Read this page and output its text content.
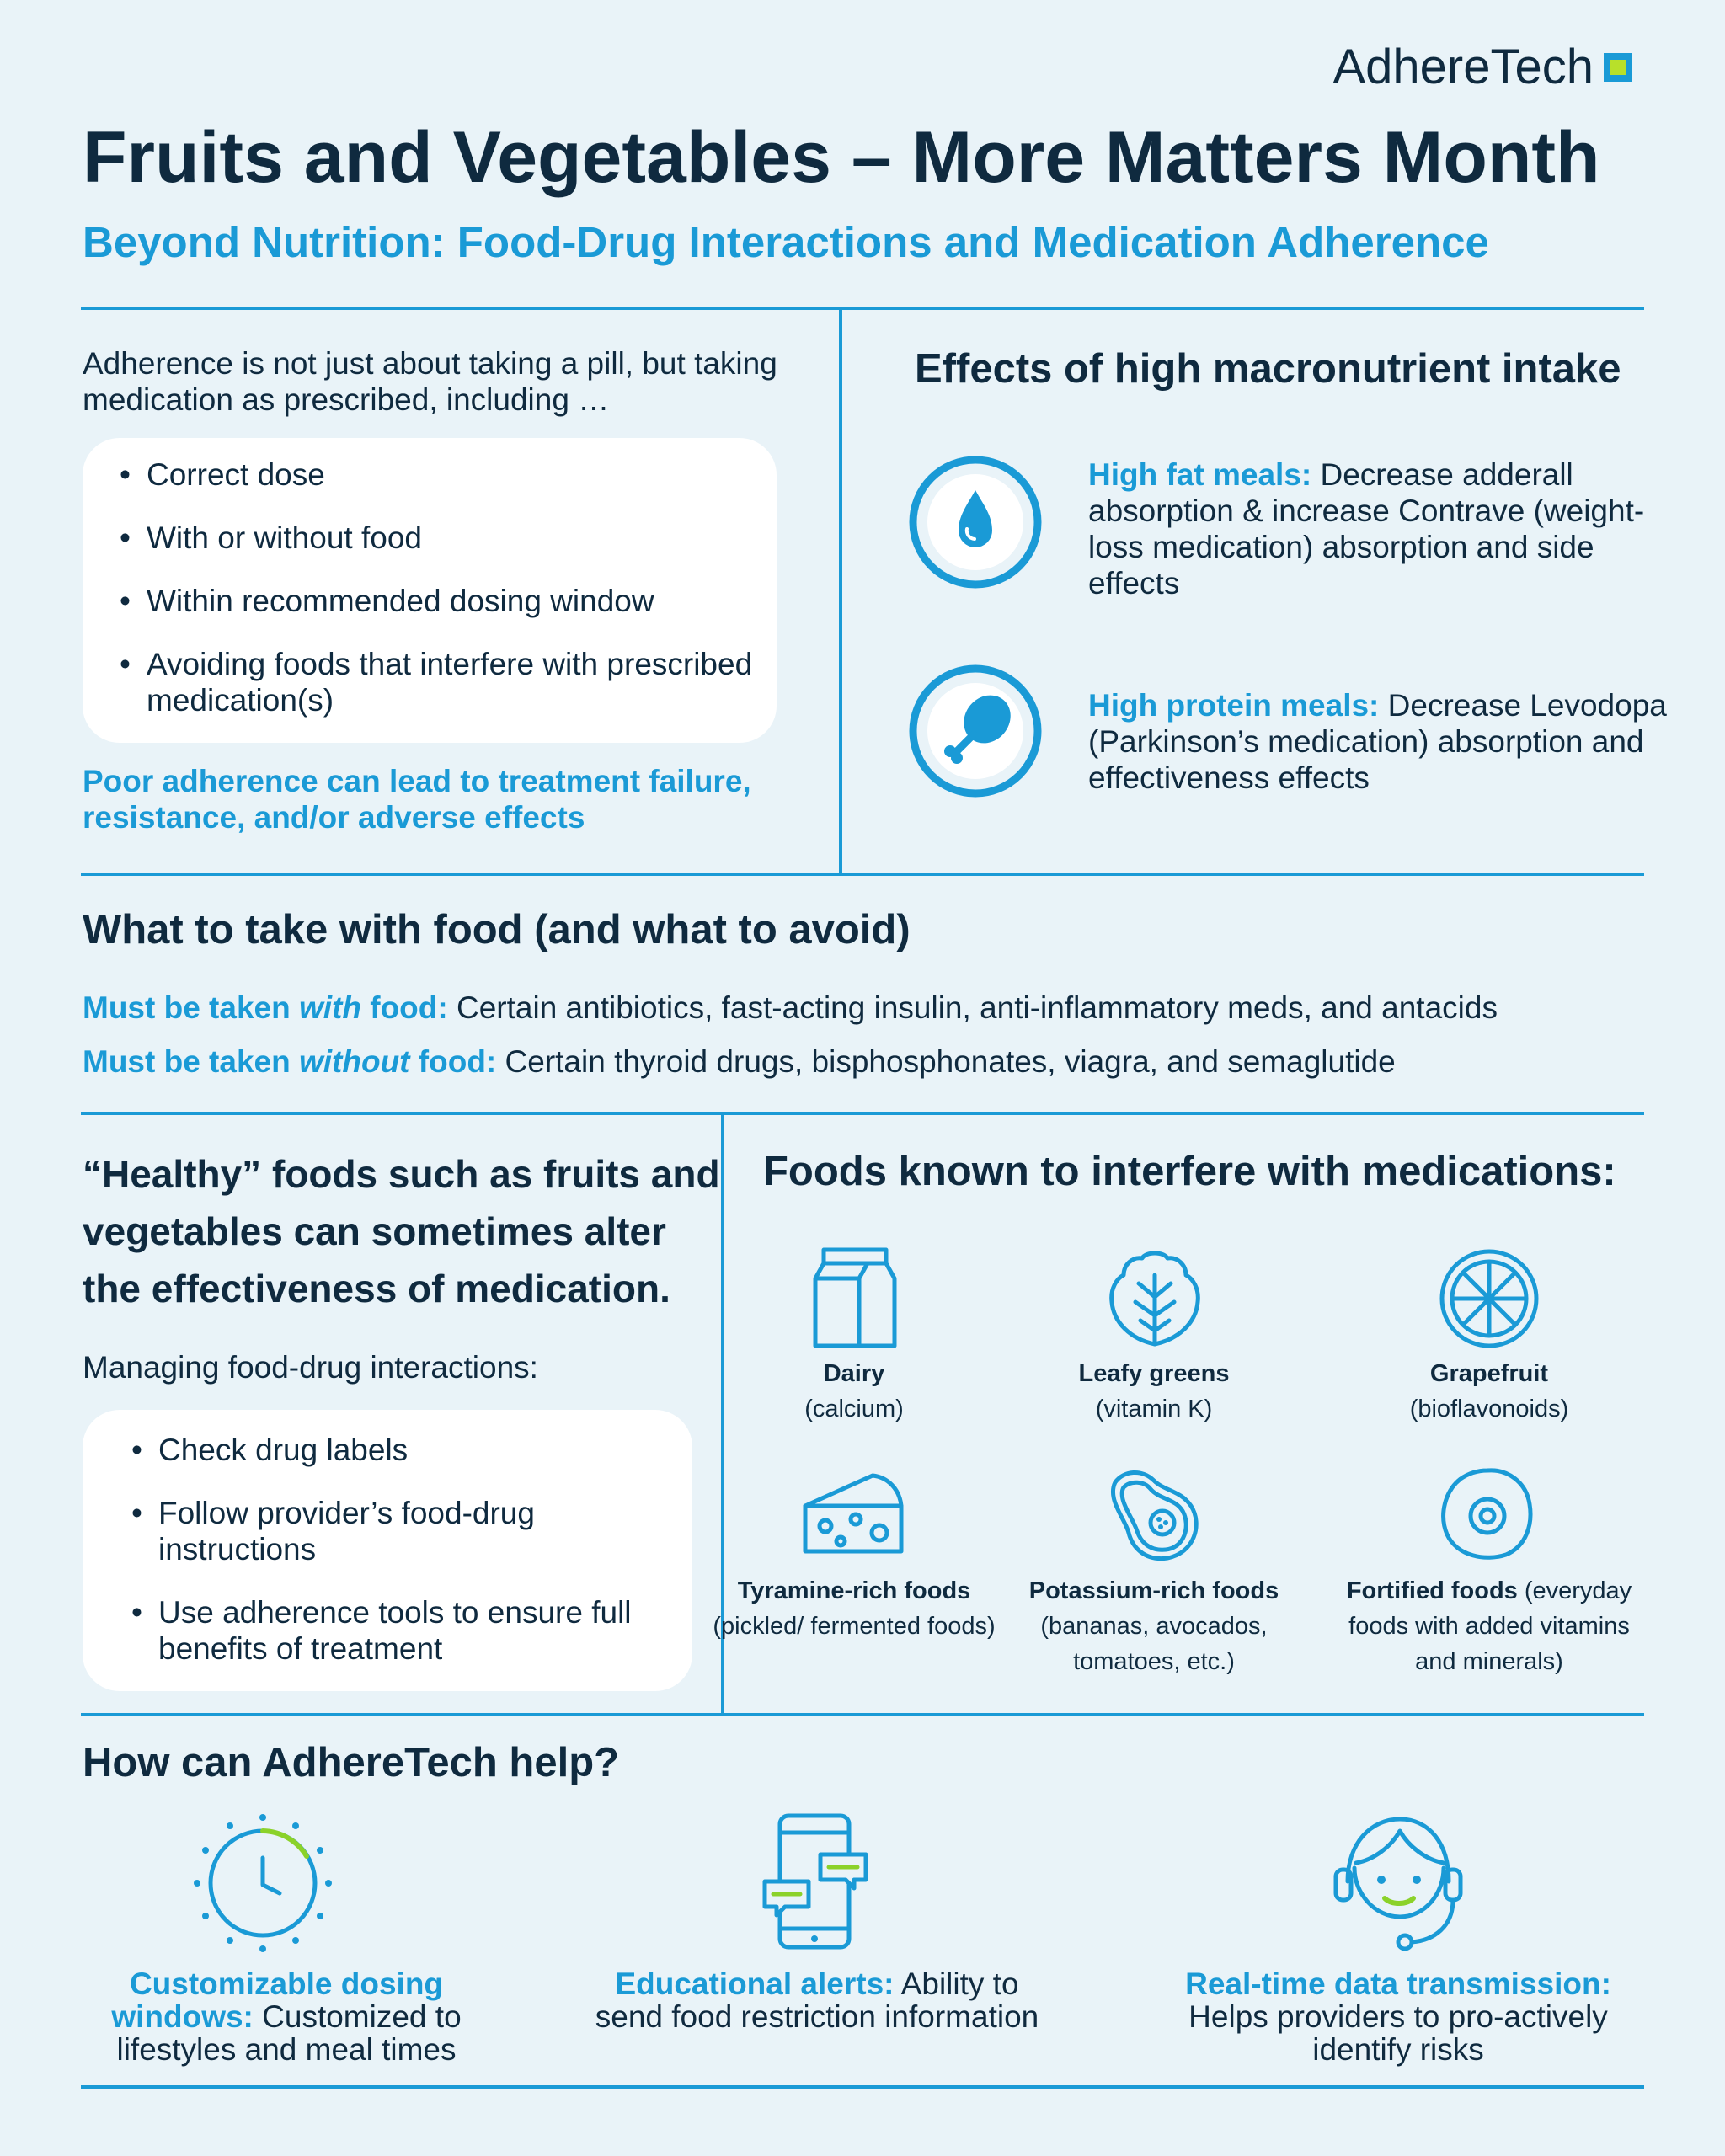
AdhereTech
Fruits and Vegetables – More Matters Month
Beyond Nutrition: Food-Drug Interactions and Medication Adherence
Adherence is not just about taking a pill, but taking medication as prescribed, including …
• Correct dose
• With or without food
• Within recommended dosing window
• Avoiding foods that interfere with prescribed medication(s)
Poor adherence can lead to treatment failure, resistance, and/or adverse effects
Effects of high macronutrient intake
High fat meals: Decrease adderall absorption & increase Contrave (weight-loss medication) absorption and side effects
High protein meals: Decrease Levodopa (Parkinson’s medication) absorption and effectiveness effects
What to take with food (and what to avoid)
Must be taken with food: Certain antibiotics, fast-acting insulin, anti-inflammatory meds, and antacids
Must be taken without food: Certain thyroid drugs, bisphosphonates, viagra, and semaglutide
“Healthy” foods such as fruits and vegetables can sometimes alter the effectiveness of medication.
Managing food-drug interactions:
• Check drug labels
• Follow provider’s food-drug instructions
• Use adherence tools to ensure full benefits of treatment
Foods known to interfere with medications:
Dairy
(calcium)
Leafy greens
(vitamin K)
Grapefruit
(bioflavonoids)
Tyramine-rich foods (pickled/ fermented foods)
Potassium-rich foods
(bananas, avocados, tomatoes, etc.)
Fortified foods (everyday foods with added vitamins and minerals)
How can AdhereTech help?
Customizable dosing windows: Customized to lifestyles and meal times
Educational alerts: Ability to send food restriction information
Real-time data transmission: Helps providers to pro-actively identify risks
